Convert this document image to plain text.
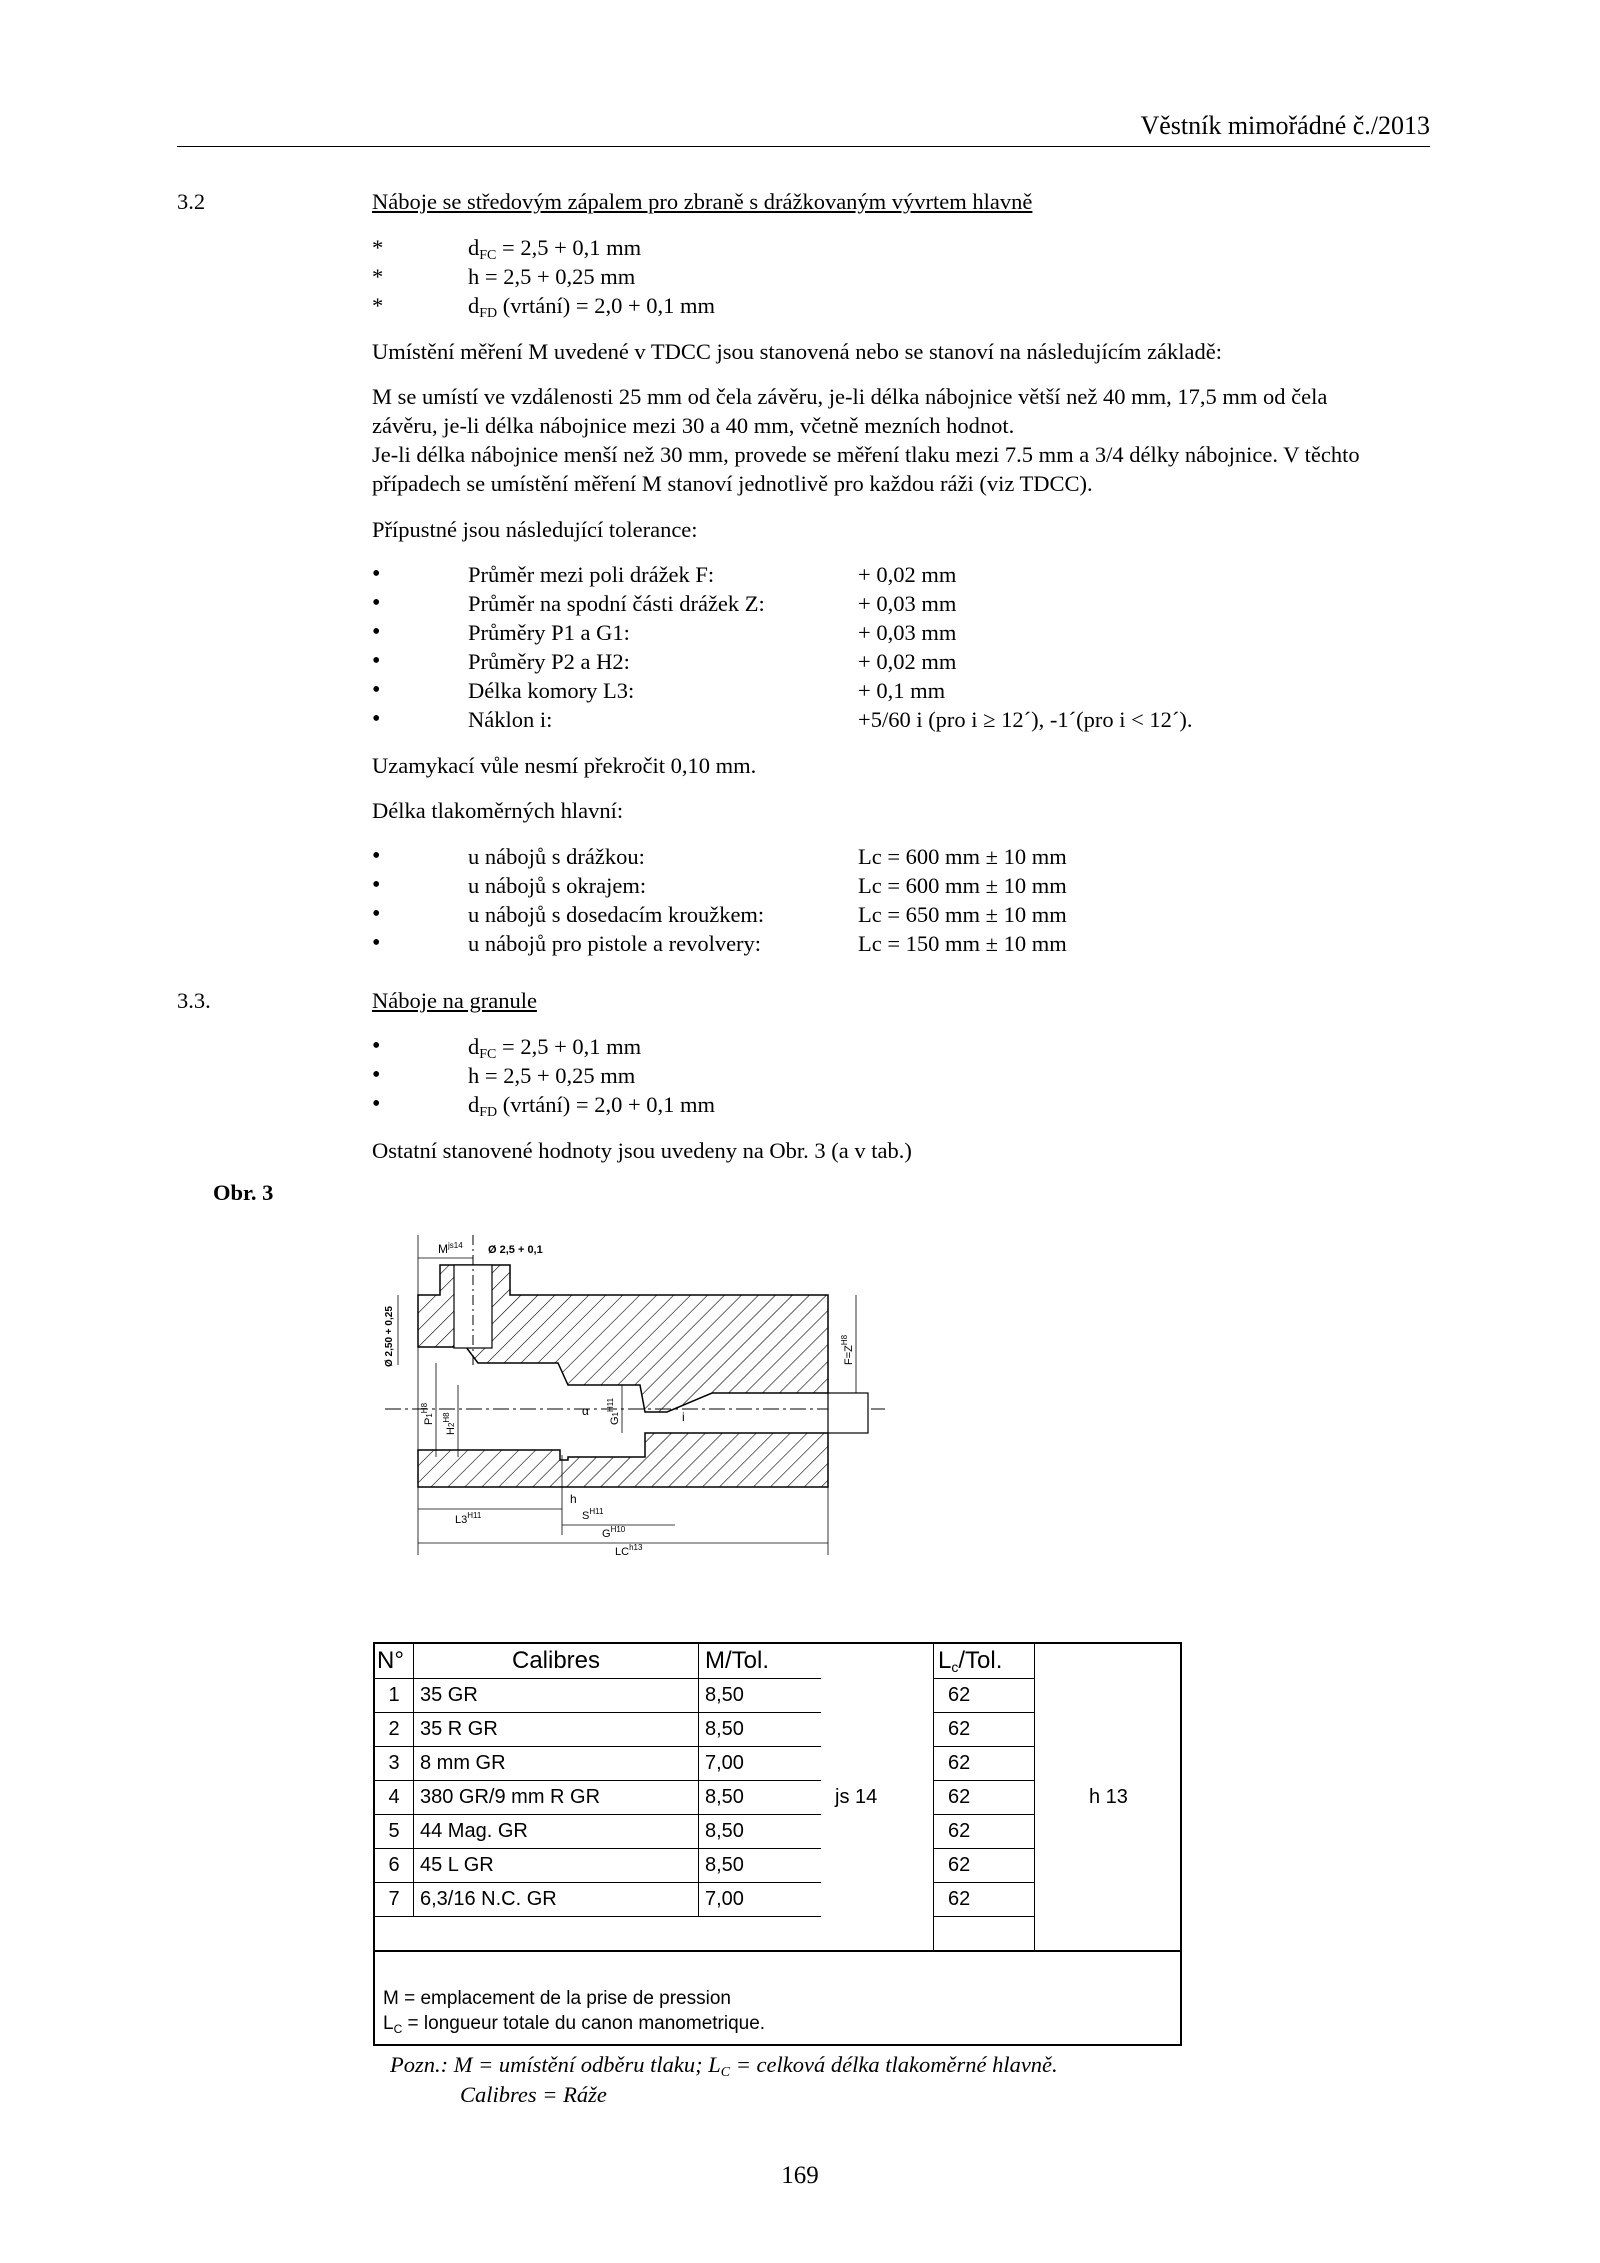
Věstník mimořádné č./2013
3.2	Náboje se středovým zápalem pro zbraně s drážkovaným vývrtem hlavně
*	$d_{FC} = 2,5 + 0,1$ mm
*	h = 2,5 + 0,25 mm
*	$d_{FD}$ (vrtání) = 2,0 + 0,1 mm
Umístění měření M uvedené v TDCC jsou stanovená nebo se stanoví na následujícím základě:
M se umístí ve vzdálenosti 25 mm od čela závěru, je-li délka nábojnice větší než 40 mm, 17,5 mm od čela
závěru, je-li délka nábojnice mezi 30 a 40 mm, včetně mezních hodnot.
Je-li délka nábojnice menší než 30 mm, provede se měření tlaku mezi 7.5 mm a 3/4 délky nábojnice. V těchto
případech se umístění měření M stanoví jednotlivě pro každou ráži (viz TDCC).
Přípustné jsou následující tolerance:
•	Průměr mezi poli drážek F:	+ 0,02 mm
•	Průměr na spodní části drážek Z:	+ 0,03 mm
•	Průměry P1 a G1:	+ 0,03 mm
•	Průměry P2 a H2:	+ 0,02 mm
•	Délka komory L3:	+ 0,1 mm
•	Náklon i:	+5/60 i (pro i ≥ 12´), -1´(pro i < 12´).
Uzamykací vůle nesmí překročit 0,10 mm.
Délka tlakoměrných hlavní:
•	u nábojů s drážkou:	Lc = 600 mm ± 10 mm
•	u nábojů s okrajem:	Lc = 600 mm ± 10 mm
•	u nábojů s dosedacím kroužkem:	Lc = 650 mm ± 10 mm
•	u nábojů pro pistole a revolvery:	Lc = 150 mm ± 10 mm
3.3.	Náboje na granule
•	$d_{FC} = 2,5 + 0,1$ mm
•	h = 2,5 + 0,25 mm
•	$d_{FD}$ (vrtání) = 2,0 + 0,1 mm
Ostatní stanovené hodnoty jsou uvedeny na Obr. 3 (a v tab.)
Obr. 3
$M^{js14}$ Ø 2,5 + 0,1
Ø 2,50 + 0,25
$P1^{H8}$
$H2^{H8}$	$G1^{H11}$
α	i
$F=Z^{H8}$
h
$L3^{H11}$	$S^{H11}$
$G^{H10}$
$LC^{h13}$
N°	Calibres	M/Tol.		$L_c$/Tol.	
1	35 GR	8,50		62	
2	35 R GR	8,50		62	
3	8 mm GR	7,00		62	
4	380 GR/9 mm R GR	8,50	js 14	62	h 13
5	44 Mag. GR	8,50		62	
6	45 L GR	8,50		62	
7	6,3/16 N.C. GR	7,00		62	

M = emplacement de la prise de pression
$L_C$ = longueur totale du canon manometrique.					
Pozn.: M = umístění odběru tlaku; $L_C$ = celková délka tlakoměrné hlavně.
Calibres = Ráže
169
